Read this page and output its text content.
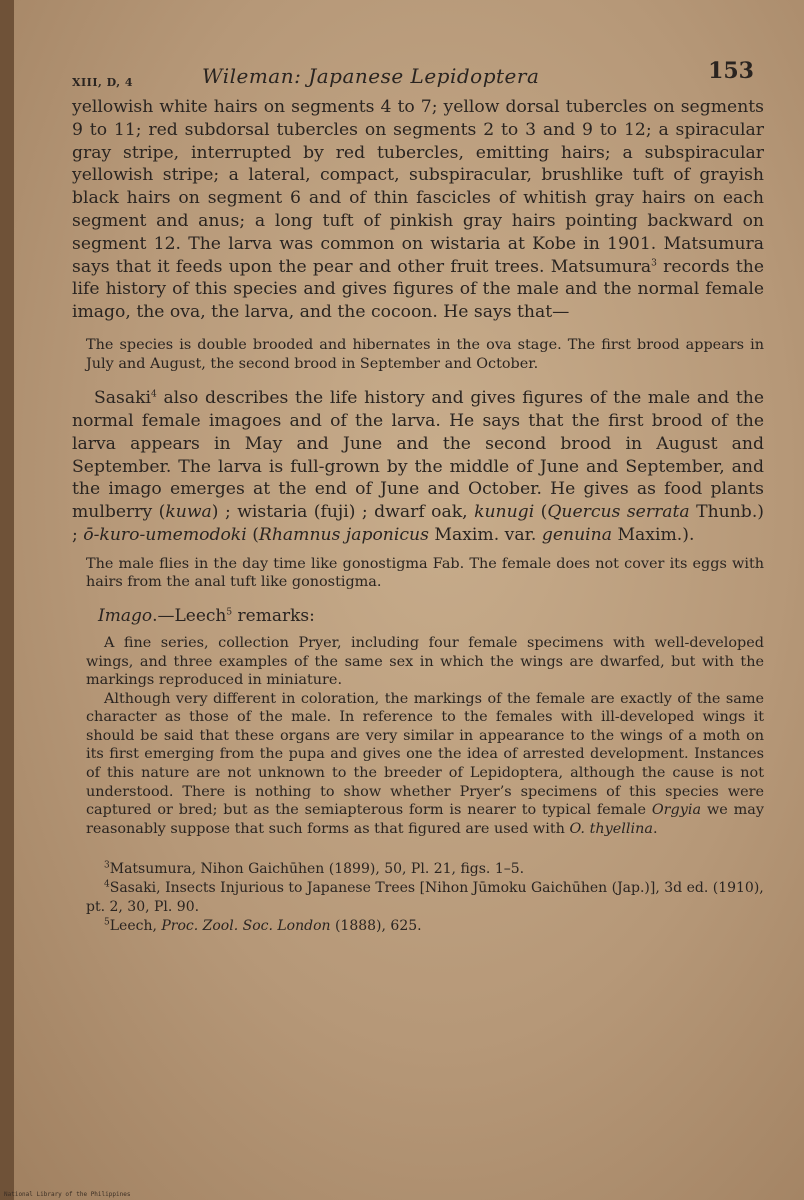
XIII, D, 4	Wileman: Japanese Lepidoptera	153

yellowish white hairs on segments 4 to 7; yellow dorsal tubercles on segments 9 to 11; red subdorsal tubercles on segments 2 to 3 and 9 to 12; a spiracular gray stripe, interrupted by red tubercles, emitting hairs; a subspiracular yellowish stripe; a lateral, compact, subspiracular, brushlike tuft of grayish black hairs on segment 6 and of thin fascicles of whitish gray hairs on each segment and anus; a long tuft of pinkish gray hairs pointing backward on segment 12. The larva was common on wistaria at Kobe in 1901. Matsumura says that it feeds upon the pear and other fruit trees. Matsumura$^3$ records the life history of this species and gives figures of the male and the normal female imago, the ova, the larva, and the cocoon. He says that—

The species is double brooded and hibernates in the ova stage. The first brood appears in July and August, the second brood in September and October.

Sasaki$^4$ also describes the life history and gives figures of the male and the normal female imagoes and of the larva. He says that the first brood of the larva appears in May and June and the second brood in August and September. The larva is full-grown by the middle of June and September, and the imago emerges at the end of June and October. He gives as food plants mulberry (kuwa) ; wistaria (fuji) ; dwarf oak, kunugi (Quercus serrata Thunb.) ; ō-kuro-umemodoki (Rhamnus japonicus Maxim. var. genuina Maxim.).

The male flies in the day time like gonostigma Fab. The female does not cover its eggs with hairs from the anal tuft like gonostigma.

Imago.—Leech$^5$ remarks:

A fine series, collection Pryer, including four female specimens with well-developed wings, and three examples of the same sex in which the wings are dwarfed, but with the markings reproduced in miniature.

Although very different in coloration, the markings of the female are exactly of the same character as those of the male. In reference to the females with ill-developed wings it should be said that these organs are very similar in appearance to the wings of a moth on its first emerging from the pupa and gives one the idea of arrested development. Instances of this nature are not unknown to the breeder of Lepidoptera, although the cause is not understood. There is nothing to show whether Pryer’s specimens of this species were captured or bred; but as the semiapterous form is nearer to typical female Orgyia we may reasonably suppose that such forms as that figured are used with O. thyellina.

$^3$Matsumura, Nihon Gaichūhen (1899), 50, Pl. 21, figs. 1–5.

$^4$Sasaki, Insects Injurious to Japanese Trees [Nihon Jūmoku Gaichūhen (Jap.)], 3d ed. (1910), pt. 2, 30, Pl. 90.

$^5$Leech, Proc. Zool. Soc. London (1888), 625.

National Library of the Philippines
